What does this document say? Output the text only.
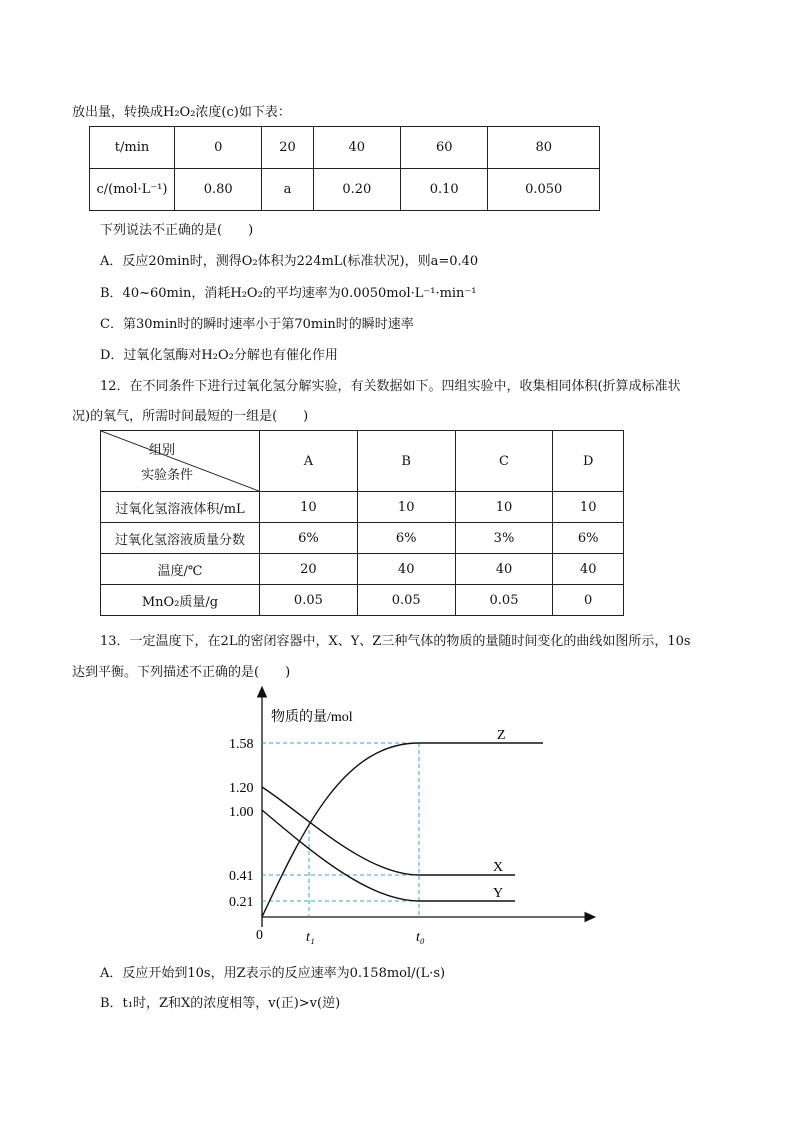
放出量，转换成H₂O₂浓度(c)如下表：
t/min	0	20	40	60	80
c/(mol·L⁻¹)	0.80	a	0.20	0.10	0.050
下列说法不正确的是(　　)
A．反应20min时，测得O₂体积为224mL(标准状况)，则a=0.40
B．40~60min，消耗H₂O₂的平均速率为0.0050mol·L⁻¹·min⁻¹
C．第30min时的瞬时速率小于第70min时的瞬时速率
D．过氧化氢酶对H₂O₂分解也有催化作用
12．在不同条件下进行过氧化氢分解实验，有关数据如下。四组实验中，收集相同体积(折算成标准状
况)的氧气，所需时间最短的一组是(　　)
组别
实验条件	A	B	C	D
过氧化氢溶液体积/mL	10	10	10	10
过氧化氢溶液质量分数	6%	6%	3%	6%
温度/℃	20	40	40	40
MnO₂质量/g	0.05	0.05	0.05	0
13．一定温度下，在2L的密闭容器中，X、Y、Z三种气体的物质的量随时间变化的曲线如图所示，10s
达到平衡。下列描述不正确的是(　　)
物质的量/mol
1.58
1.20
1.00
0.41
0.21
0	t₁	t₀
Z
X
Y
A．反应开始到10s，用Z表示的反应速率为0.158mol/(L·s)
B．t₁时，Z和X的浓度相等，v(正)>v(逆)
